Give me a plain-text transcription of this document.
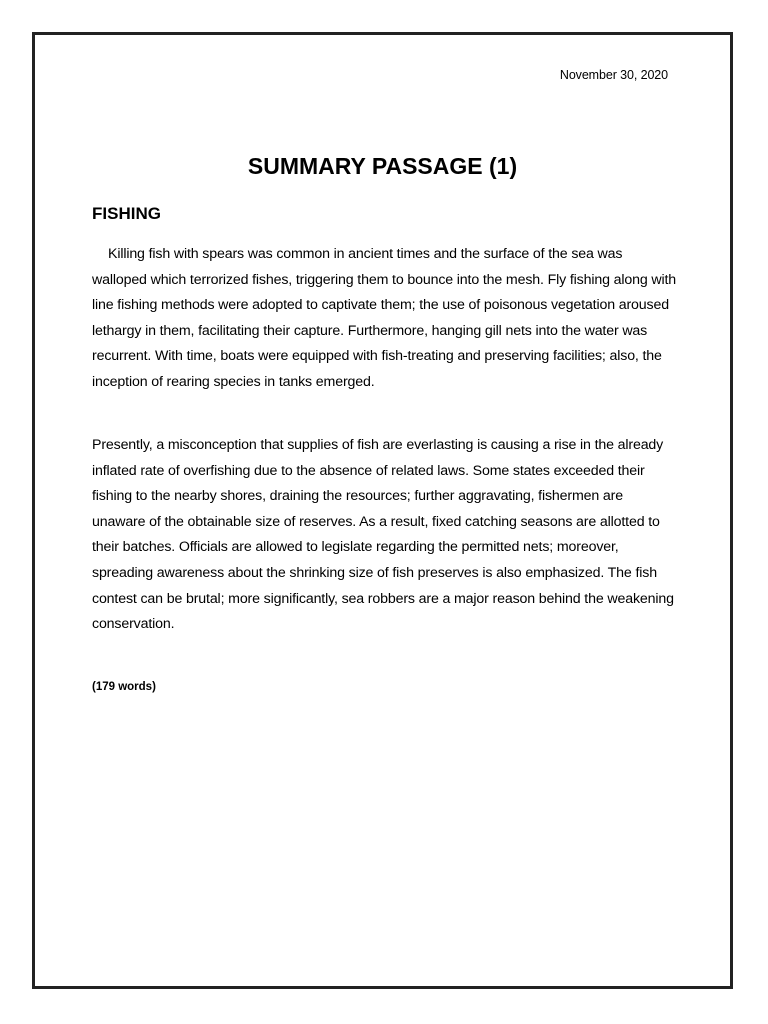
November 30, 2020
SUMMARY PASSAGE (1)
FISHING

Killing fish with spears was common in ancient times and the surface of the sea was walloped which terrorized fishes, triggering them to bounce into the mesh. Fly fishing along with line fishing methods were adopted to captivate them; the use of poisonous vegetation aroused lethargy in them, facilitating their capture. Furthermore, hanging gill nets into the water was recurrent. With time, boats were equipped with fish-treating and preserving facilities; also, the inception of rearing species in tanks emerged.

Presently, a misconception that supplies of fish are everlasting is causing a rise in the already inflated rate of overfishing due to the absence of related laws. Some states exceeded their fishing to the nearby shores, draining the resources; further aggravating, fishermen are unaware of the obtainable size of reserves. As a result, fixed catching seasons are allotted to their batches. Officials are allowed to legislate regarding the permitted nets; moreover, spreading awareness about the shrinking size of fish preserves is also emphasized. The fish contest can be brutal; more significantly, sea robbers are a major reason behind the weakening conservation.

(179 words)
